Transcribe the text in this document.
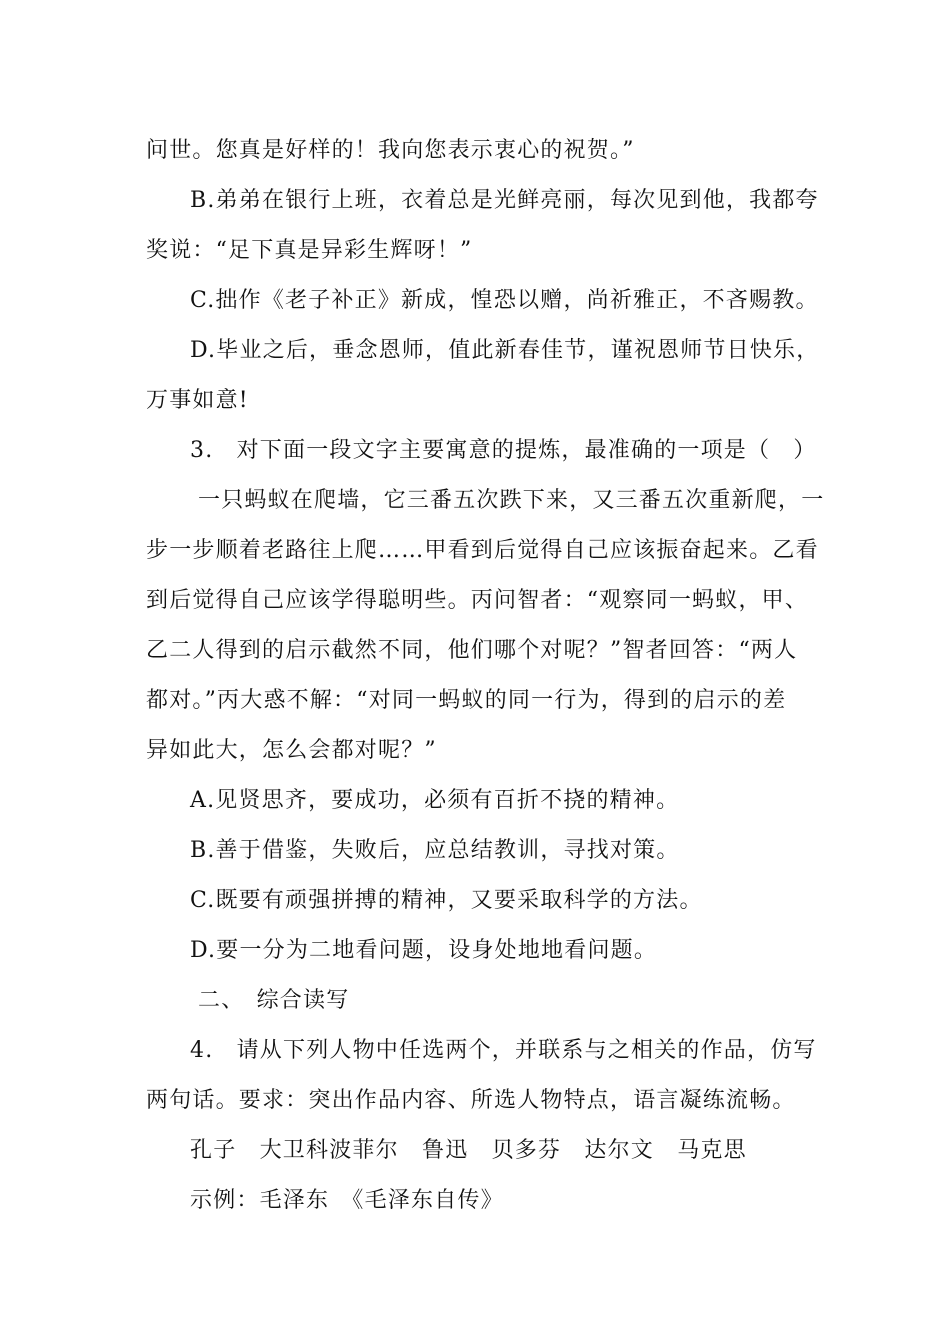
问世。您真是好样的！我向您表示衷心的祝贺。”
B.弟弟在银行上班，衣着总是光鲜亮丽，每次见到他，我都夸
奖说：“足下真是异彩生辉呀！”
C.拙作《老子补正》新成，惶恐以赠，尚祈雅正，不吝赐教。
D.毕业之后，垂念恩师，值此新春佳节，谨祝恩师节日快乐，
万事如意!
3.　对下面一段文字主要寓意的提炼，最准确的一项是（　）
一只蚂蚁在爬墙，它三番五次跌下来，又三番五次重新爬，一
步一步顺着老路往上爬……甲看到后觉得自己应该振奋起来。乙看
到后觉得自己应该学得聪明些。丙问智者：“观察同一蚂蚁，甲、
乙二人得到的启示截然不同，他们哪个对呢？”智者回答：“两人
都对。”丙大惑不解：“对同一蚂蚁的同一行为，得到的启示的差
异如此大，怎么会都对呢？”
A.见贤思齐，要成功，必须有百折不挠的精神。
B.善于借鉴，失败后，应总结教训，寻找对策。
C.既要有顽强拼搏的精神，又要采取科学的方法。
D.要一分为二地看问题，设身处地地看问题。
二、　综合读写
4.　请从下列人物中任选两个，并联系与之相关的作品，仿写
两句话。要求：突出作品内容、所选人物特点，语言凝练流畅。
孔子　大卫科波菲尔　鲁迅　贝多芬　达尔文　马克思
示例：毛泽东　《毛泽东自传》
